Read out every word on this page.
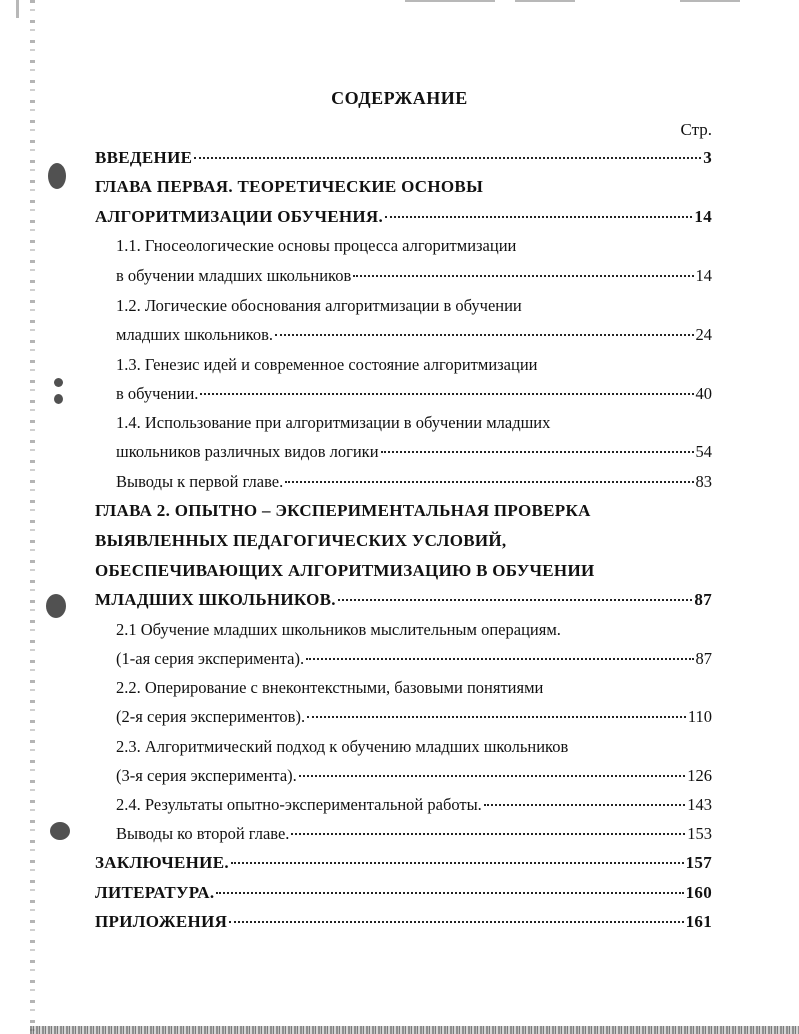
СОДЕРЖАНИЕ
Стр.
ВВЕДЕНИЕ	3
ГЛАВА ПЕРВАЯ. ТЕОРЕТИЧЕСКИЕ ОСНОВЫ
АЛГОРИТМИЗАЦИИ ОБУЧЕНИЯ.	14
1.1. Гносеологические основы процесса алгоритмизации
в обучении младших школьников	14
1.2. Логические обоснования алгоритмизации в обучении
младших школьников.	24
1.3. Генезис идей и современное состояние алгоритмизации
в обучении.	40
1.4. Использование при алгоритмизации в обучении младших
школьников различных видов логики	54
Выводы к первой главе.	83
ГЛАВА 2. ОПЫТНО – ЭКСПЕРИМЕНТАЛЬНАЯ ПРОВЕРКА
ВЫЯВЛЕННЫХ ПЕДАГОГИЧЕСКИХ УСЛОВИЙ,
ОБЕСПЕЧИВАЮЩИХ АЛГОРИТМИЗАЦИЮ В ОБУЧЕНИИ
МЛАДШИХ ШКОЛЬНИКОВ.	87
2.1 Обучение младших школьников мыслительным операциям.
(1-ая серия эксперимента).	87
2.2. Оперирование с внеконтекстными, базовыми понятиями
(2-я серия экспериментов).	110
2.3. Алгоритмический подход к обучению младших школьников
(3-я серия эксперимента).	126
2.4. Результаты опытно-экспериментальной работы.	143
Выводы ко второй главе.	153
ЗАКЛЮЧЕНИЕ.	157
ЛИТЕРАТУРА.	160
ПРИЛОЖЕНИЯ	161
